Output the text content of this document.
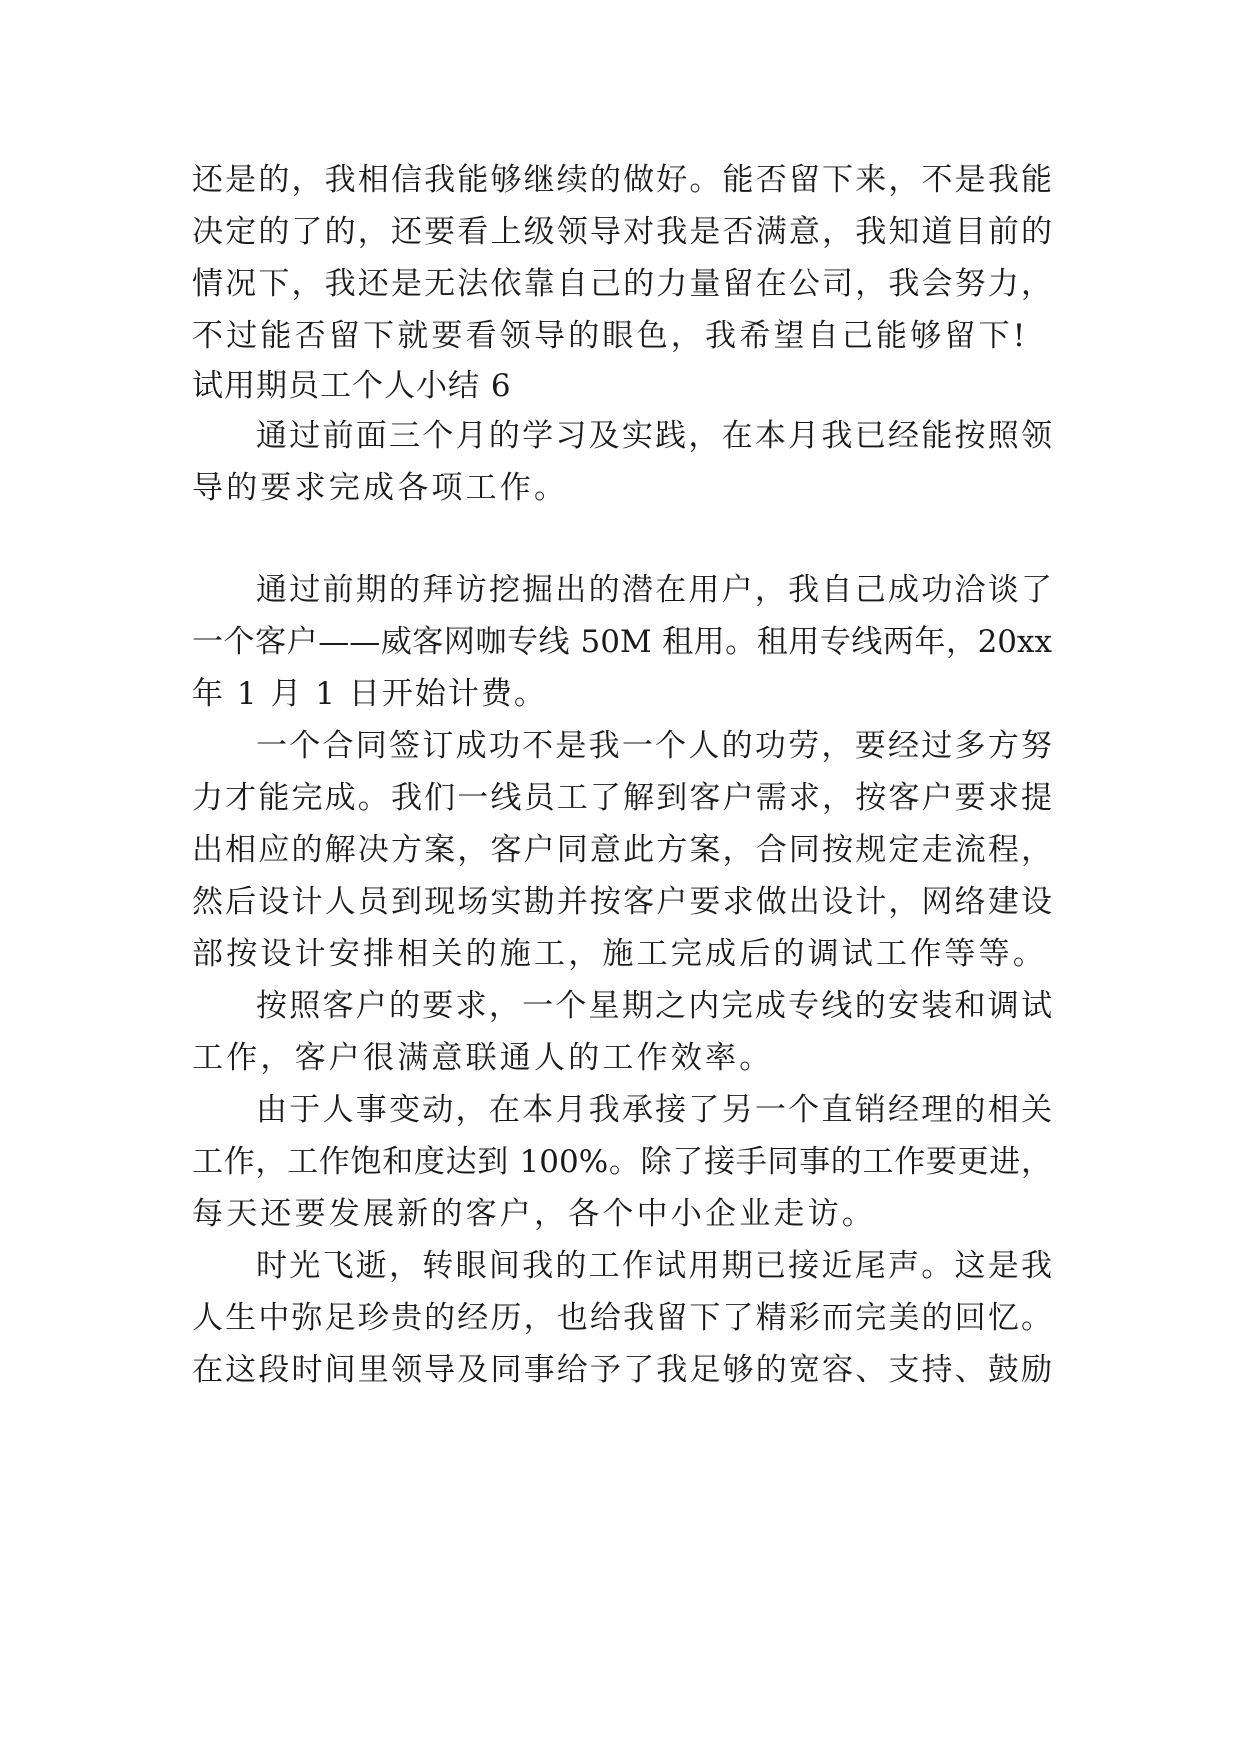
还是的，我相信我能够继续的做好。能否留下来，不是我能
决定的了的，还要看上级领导对我是否满意，我知道目前的
情况下，我还是无法依靠自己的力量留在公司，我会努力，
不过能否留下就要看领导的眼色，我希望自己能够留下!
试用期员工个人小结 6
通过前面三个月的学习及实践，在本月我已经能按照领
导的要求完成各项工作。
通过前期的拜访挖掘出的潜在用户，我自己成功洽谈了
一个客户——威客网咖专线 50M 租用。租用专线两年，20xx
年 1 月 1 日开始计费。
一个合同签订成功不是我一个人的功劳，要经过多方努
力才能完成。我们一线员工了解到客户需求，按客户要求提
出相应的解决方案，客户同意此方案，合同按规定走流程，
然后设计人员到现场实勘并按客户要求做出设计，网络建设
部按设计安排相关的施工，施工完成后的调试工作等等。
按照客户的要求，一个星期之内完成专线的安装和调试
工作，客户很满意联通人的工作效率。
由于人事变动，在本月我承接了另一个直销经理的相关
工作，工作饱和度达到 100%。除了接手同事的工作要更进，
每天还要发展新的客户，各个中小企业走访。
时光飞逝，转眼间我的工作试用期已接近尾声。这是我
人生中弥足珍贵的经历，也给我留下了精彩而完美的回忆。
在这段时间里领导及同事给予了我足够的宽容、支持、鼓励
